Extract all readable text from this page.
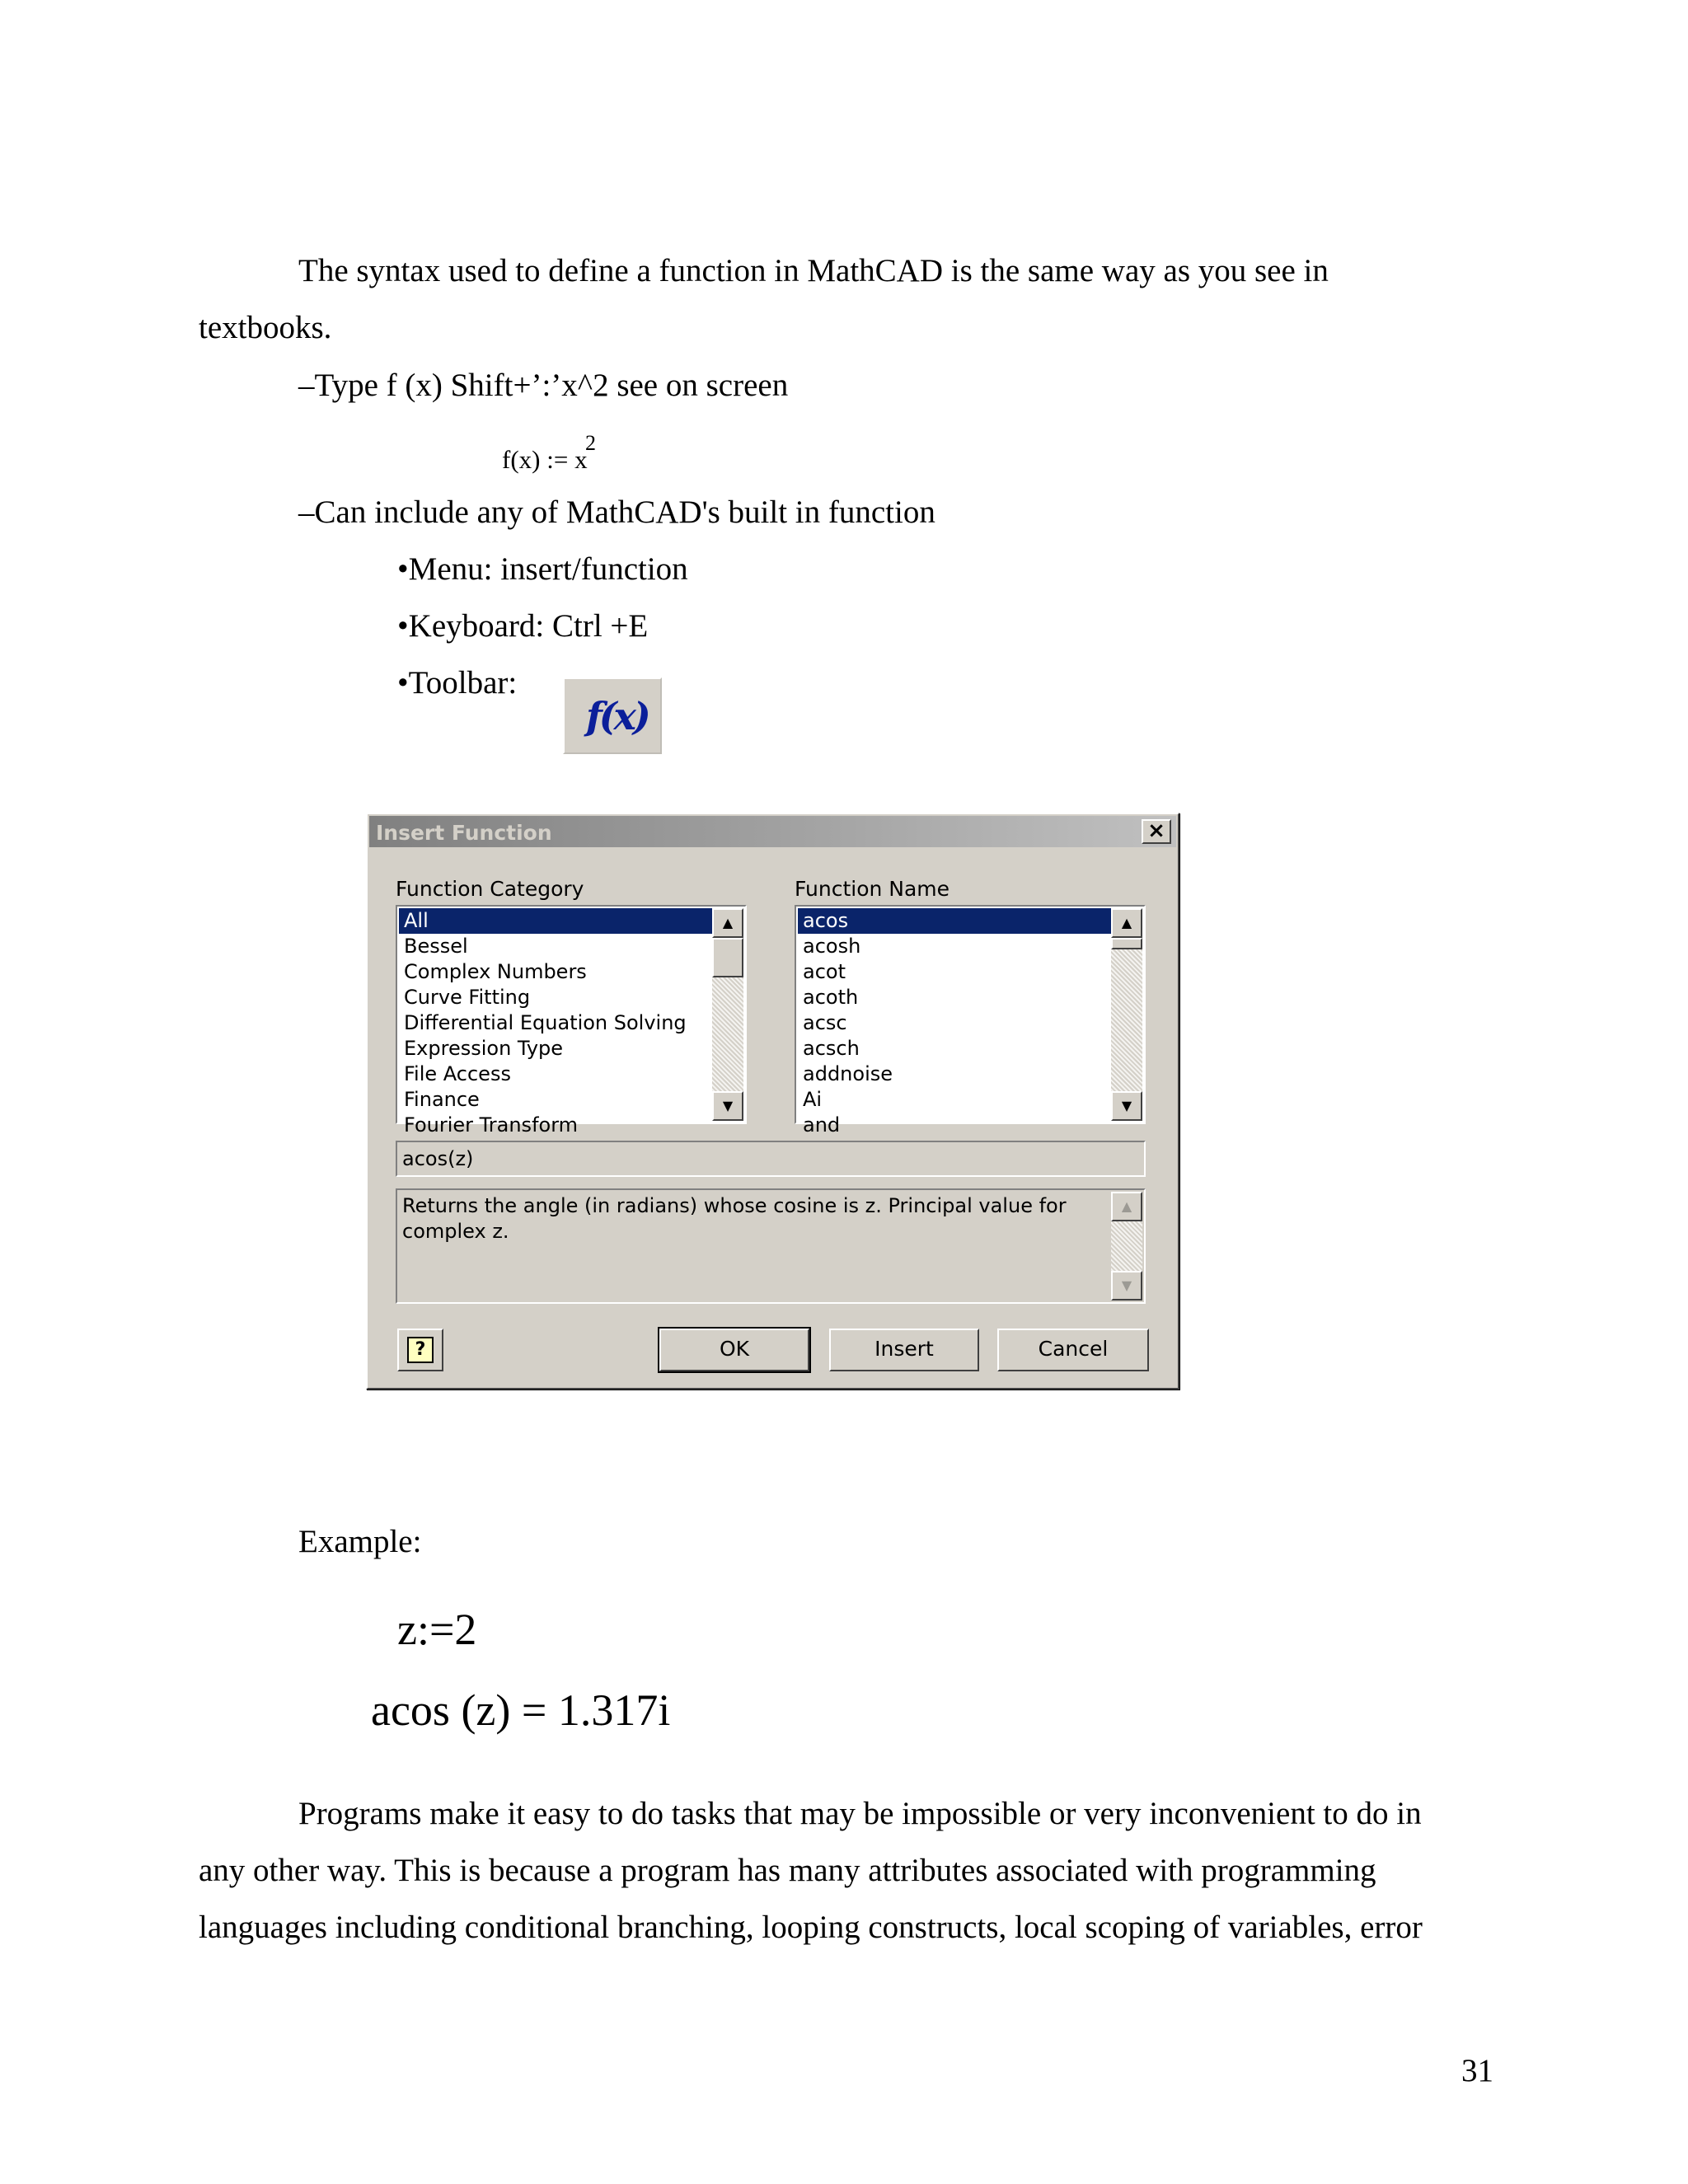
The syntax used to define a function in MathCAD is the same way as you see in
textbooks.
–Type f (x) Shift+’:’x^2 see on screen
f(x) := x
2
–Can include any of MathCAD's built in function
•Menu: insert/function
•Keyboard: Ctrl +E
•Toolbar:
f(x)
Insert Function	×
Function Category	Function Name
All
Bessel
Complex Numbers
Curve Fitting
Differential Equation Solving
Expression Type
File Access
Finance
Fourier Transform
▲
▼
acos
acosh
acot
acoth
acsc
acsch
addnoise
Ai
and
▲
▼
acos(z)
Returns the angle (in radians) whose cosine is z. Principal value for
complex z.
▲
▼
?	OK	Insert	Cancel
Example:
z:=2
acos (z) = 1.317i
Programs make it easy to do tasks that may be impossible or very inconvenient to do in
any other way. This is because a program has many attributes associated with programming
languages including conditional branching, looping constructs, local scoping of variables, error
31
